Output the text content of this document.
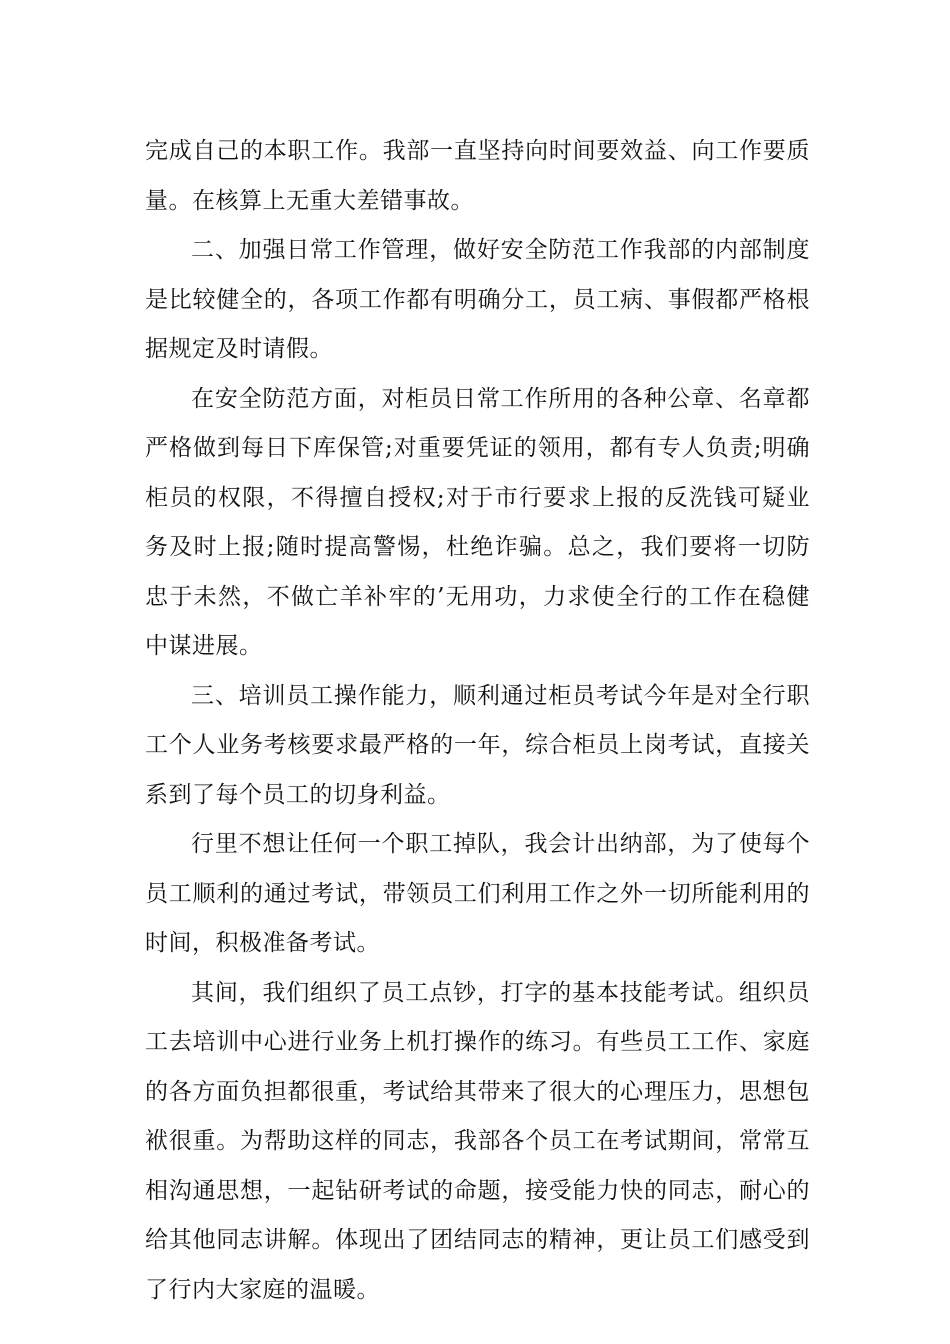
完成自己的本职工作。我部一直坚持向时间要效益、向工作要质量。在核算上无重大差错事故。

二、加强日常工作管理，做好安全防范工作我部的内部制度是比较健全的，各项工作都有明确分工，员工病、事假都严格根据规定及时请假。

在安全防范方面，对柜员日常工作所用的各种公章、名章都严格做到每日下库保管;对重要凭证的领用，都有专人负责;明确柜员的权限，不得擅自授权;对于市行要求上报的反洗钱可疑业务及时上报;随时提高警惕，杜绝诈骗。总之，我们要将一切防忠于未然，不做亡羊补牢的’无用功，力求使全行的工作在稳健中谋进展。

三、培训员工操作能力，顺利通过柜员考试今年是对全行职工个人业务考核要求最严格的一年，综合柜员上岗考试，直接关系到了每个员工的切身利益。

行里不想让任何一个职工掉队，我会计出纳部，为了使每个员工顺利的通过考试，带领员工们利用工作之外一切所能利用的时间，积极准备考试。

其间，我们组织了员工点钞，打字的基本技能考试。组织员工去培训中心进行业务上机打操作的练习。有些员工工作、家庭的各方面负担都很重，考试给其带来了很大的心理压力，思想包袱很重。为帮助这样的同志，我部各个员工在考试期间，常常互相沟通思想，一起钻研考试的命题，接受能力快的同志，耐心的给其他同志讲解。体现出了团结同志的精神，更让员工们感受到了行内大家庭的温暖。
